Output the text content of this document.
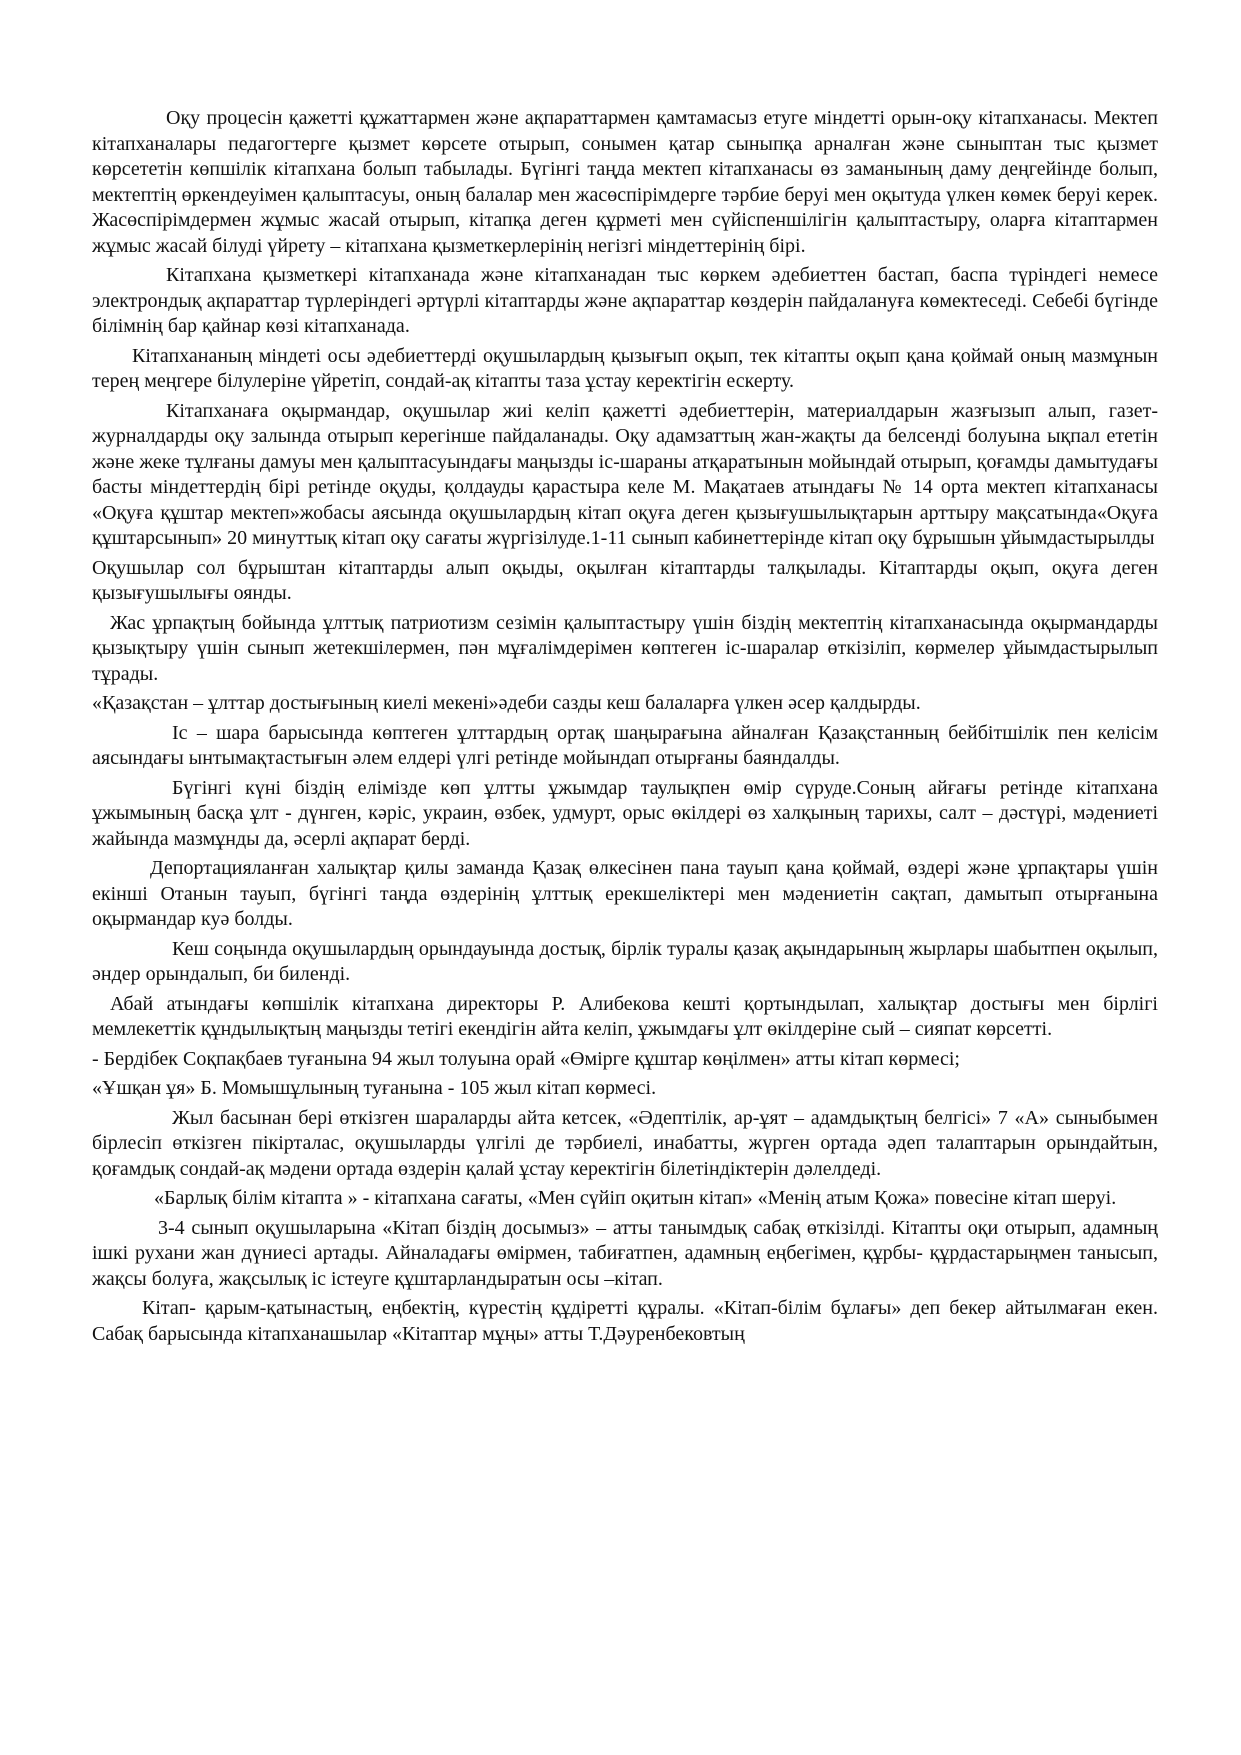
Оқу процесін қажетті құжаттармен және ақпараттармен қамтамасыз етуге міндетті орын-оқу кітапханасы. Мектеп кітапханалары педагогтерге қызмет көрсете отырып, сонымен қатар сыныпқа арналған және сыныптан тыс қызмет көрсететін көпшілік кітапхана болып табылады. Бүгінгі таңда мектеп кітапханасы өз заманының даму деңгейінде болып, мектептің өркендеуімен қалыптасуы, оның балалар мен жасөспірімдерге тәрбие беруі мен оқытуда үлкен көмек беруі керек. Жасөспірімдермен жұмыс жасай отырып, кітапқа деген құрметі мен сүйіспеншілігін қалыптастыру, оларға кітаптармен жұмыс жасай білуді үйрету – кітапхана қызметкерлерінің негізгі міндеттерінің бірі.

Кітапхана қызметкері кітапханада және кітапханадан тыс көркем әдебиеттен бастап, баспа түріндегі немесе электрондық ақпараттар түрлеріндегі әртүрлі кітаптарды және ақпараттар көздерін пайдалануға көмектеседі. Себебі бүгінде білімнің бар қайнар көзі кітапханада.

Кітапхананың міндеті осы әдебиеттерді оқушылардың қызығып оқып, тек кітапты оқып қана қоймай оның мазмұнын терең меңгере білулеріне үйретіп, сондай-ақ кітапты таза ұстау керектігін ескерту.

Кітапханаға оқырмандар, оқушылар жиі келіп қажетті әдебиеттерін, материалдарын жазғызып алып, газет- журналдарды оқу залында отырып керегінше пайдаланады. Оқу адамзаттың жан-жақты да белсенді болуына ықпал ететін және жеке тұлғаны дамуы мен қалыптасуындағы маңызды іс-шараны атқаратынын мойындай отырып, қоғамды дамытудағы басты міндеттердің бірі ретінде оқуды, қолдауды қарастыра келе М. Мақатаев атындағы № 14 орта мектеп кітапханасы «Оқуға құштар мектеп»жобасы аясында оқушылардың кітап оқуға деген қызығушылықтарын арттыру мақсатында«Оқуға құштарсынып» 20 минуттық кітап оқу сағаты жүргізілуде.1-11 сынып кабинеттерінде кітап оқу бұрышын ұйымдастырылды

Оқушылар сол бұрыштан кітаптарды алып оқыды, оқылған кітаптарды талқылады. Кітаптарды оқып, оқуға деген қызығушылығы оянды.

Жас ұрпақтың бойында ұлттық патриотизм сезімін қалыптастыру үшін біздің мектептің кітапханасында оқырмандарды қызықтыру үшін сынып жетекшілермен, пән мұғалімдерімен көптеген іс-шаралар өткізіліп, көрмелер ұйымдастырылып тұрады.

«Қазақстан – ұлттар достығының киелі мекені»әдеби сазды кеш балаларға үлкен әсер қалдырды.

Іс – шара барысында көптеген ұлттардың ортақ шаңырағына айналған Қазақстанның бейбітшілік пен келісім аясындағы ынтымақтастығын әлем елдері үлгі ретінде мойындап отырғаны баяндалды.

Бүгінгі күні біздің елімізде көп ұлтты ұжымдар таулықпен өмір сүруде.Соның айғағы ретінде кітапхана ұжымының басқа ұлт - дүнген, кәріс, украин, өзбек, удмурт, орыс өкілдері өз халқының тарихы, салт – дәстүрі, мәдениеті жайында мазмұнды да, әсерлі ақпарат берді.

Депортацияланған халықтар қилы заманда Қазақ өлкесінен пана тауып қана қоймай, өздері және ұрпақтары үшін екінші Отанын тауып, бүгінгі таңда өздерінің ұлттық ерекшеліктері мен мәдениетін сақтап, дамытып отырғанына оқырмандар куә болды.

Кеш соңында оқушылардың орындауында достық, бірлік туралы қазақ ақындарының жырлары шабытпен оқылып, әндер орындалып, би биленді.

Абай атындағы көпшілік кітапхана директоры Р. Алибекова кешті қортындылап, халықтар достығы мен бірлігі мемлекеттік құндылықтың маңызды тетігі екендігін айта келіп, ұжымдағы ұлт өкілдеріне сый – сияпат көрсетті.

- Бердібек Соқпақбаев туғанына 94 жыл толуына орай «Өмірге құштар көңілмен» атты кітап көрмесі;

«Ұшқан ұя» Б. Момышұлының туғанына - 105 жыл кітап көрмесі.

Жыл басынан бері өткізген шараларды айта кетсек, «Әдептілік, ар-ұят – адамдықтың белгісі» 7 «А» сыныбымен бірлесіп өткізген пікірталас, оқушыларды үлгілі де тәрбиелі, инабатты, жүрген ортада әдеп талаптарын орындайтын, қоғамдық сондай-ақ мәдени ортада өздерін қалай ұстау керектігін білетіндіктерін дәлелдеді.

«Барлық білім кітапта » - кітапхана сағаты, «Мен сүйіп оқитын кітап» «Менің атым Қожа» повесіне кітап шеруі.

3-4 сынып оқушыларына «Кітап біздің досымыз» – атты танымдық сабақ өткізілді. Кітапты оқи отырып, адамның ішкі рухани жан дүниесі артады. Айналадағы өмірмен, табиғатпен, адамның еңбегімен, құрбы- құрдастарыңмен танысып, жақсы болуға, жақсылық іс істеуге құштарландыратын осы –кітап.

Кітап- қарым-қатынастың, еңбектің, күрестің құдіретті құралы. «Кітап-білім бұлағы» деп бекер айтылмаған екен. Сабақ барысында кітапханашылар «Кітаптар мұңы» атты Т.Дәуренбековтың
